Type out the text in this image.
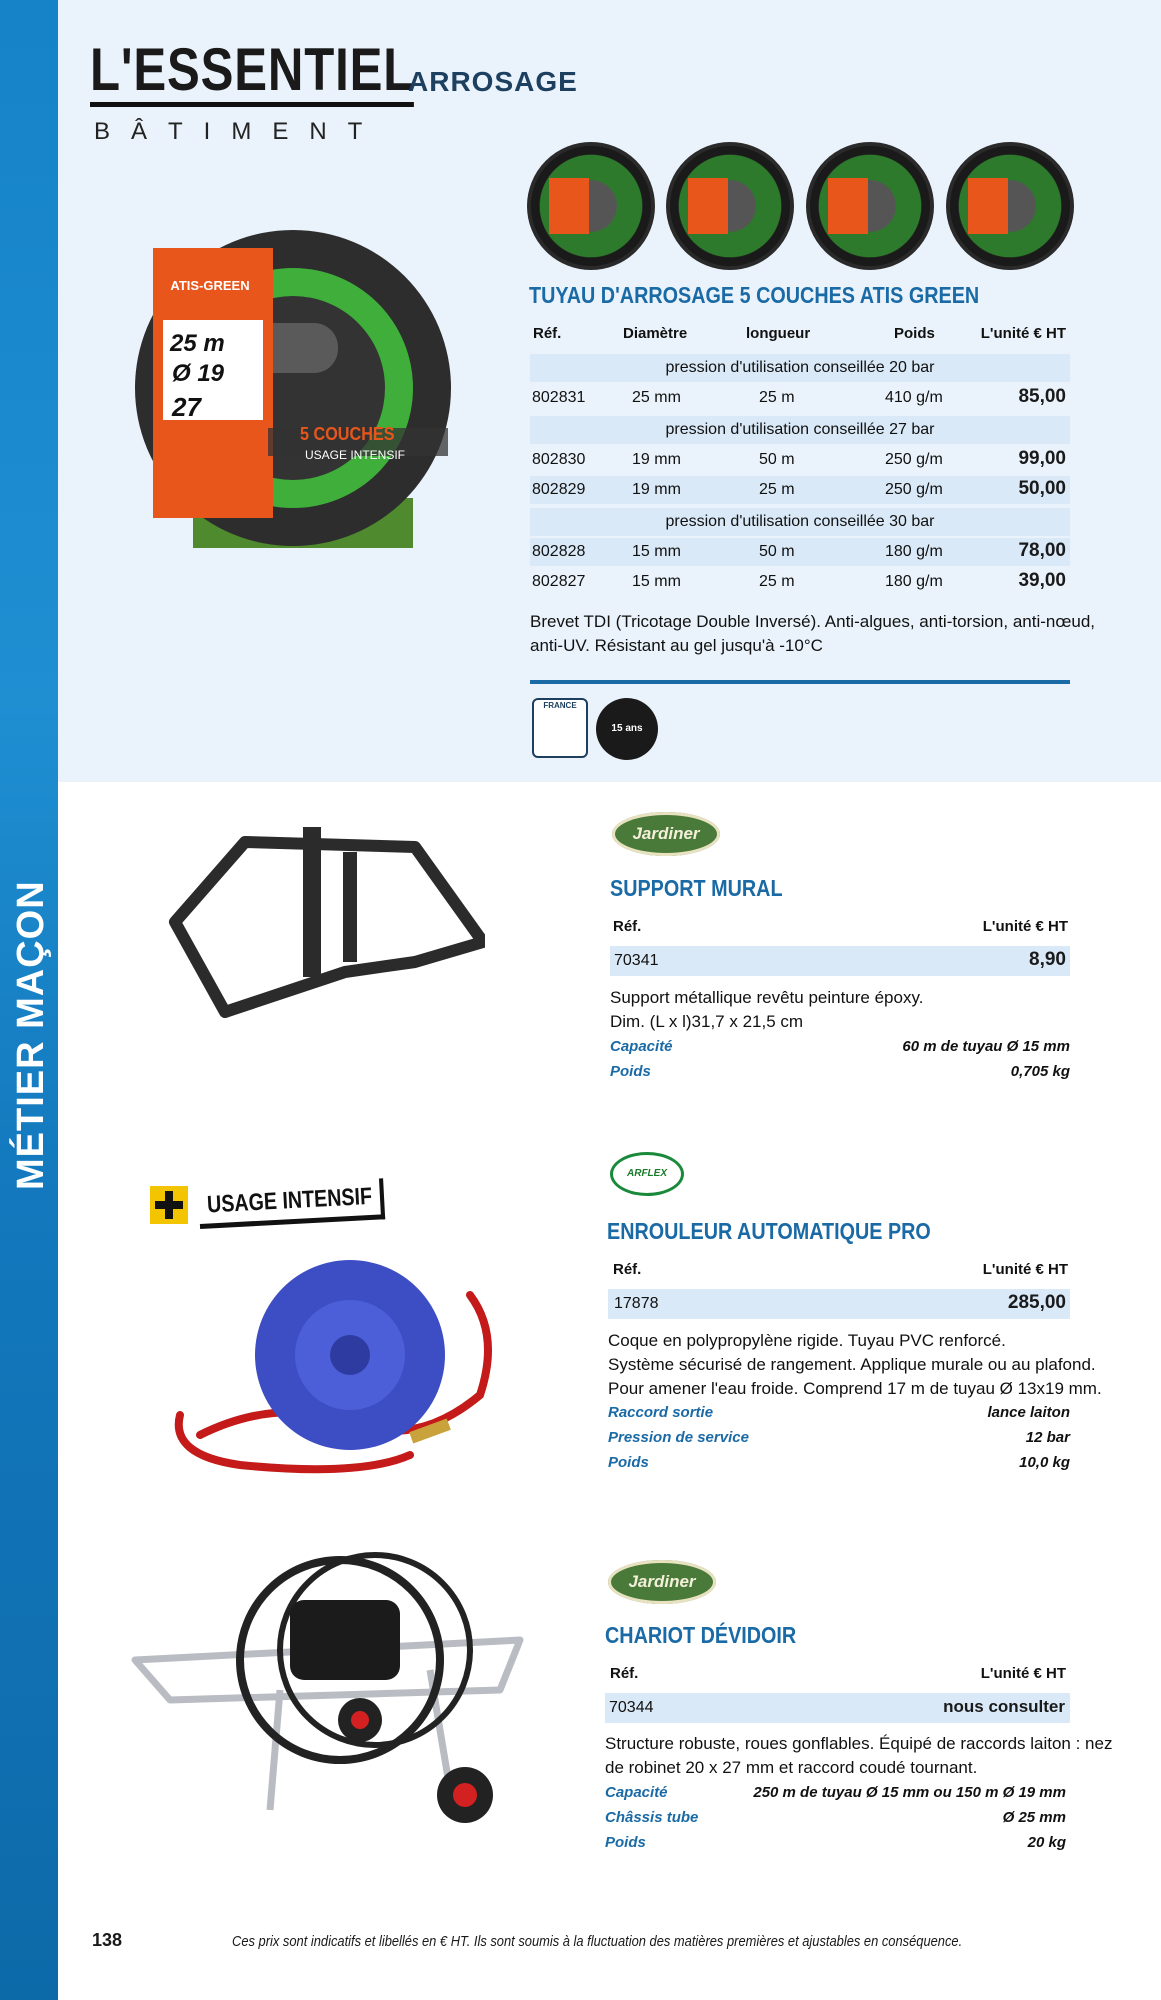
MÉTIER MAÇON
L'ESSENTIEL
BÂTIMENT
ARROSAGE
ATIS-GREEN
25 m
Ø 19
27
5 COUCHES
USAGE INTENSIF
TUYAU D'ARROSAGE 5 COUCHES ATIS GREEN
Réf.	Diamètre	longueur	Poids	L'unité € HT
pression d'utilisation conseillée 20 bar
802831	25 mm	25 m	410 g/m	85,00
pression d'utilisation conseillée 27 bar
802830	19 mm	50 m	250 g/m	99,00
802829	19 mm	25 m	250 g/m	50,00
pression d'utilisation conseillée 30 bar
802828	15 mm	50 m	180 g/m	78,00
802827	15 mm	25 m	180 g/m	39,00
Brevet TDI (Tricotage Double Inversé). Anti-algues, anti-torsion, anti-nœud,
anti-UV. Résistant au gel jusqu'à -10°C
FRANCE
15 ans Garantie
Jardiner
SUPPORT MURAL
Réf.	L'unité € HT
70341	8,90
Support métallique revêtu peinture époxy.
Dim. (L x l)31,7 x 21,5 cm
Capacité	60 m de tuyau Ø 15 mm
Poids	0,705 kg
USAGE INTENSIF
ARFLEX
ENROULEUR AUTOMATIQUE PRO
Réf.	L'unité € HT
17878	285,00
Coque en polypropylène rigide. Tuyau PVC renforcé.
Système sécurisé de rangement. Applique murale ou au plafond.
Pour amener l'eau froide. Comprend 17 m de tuyau Ø 13x19 mm.
Raccord sortie	lance laiton
Pression de service	12 bar
Poids	10,0 kg
Jardiner
CHARIOT DÉVIDOIR
Réf.	L'unité € HT
70344	nous consulter
Structure robuste, roues gonflables. Équipé de raccords laiton : nez
de robinet 20 x 27 mm et raccord coudé tournant.
Capacité	250 m de tuyau Ø 15 mm ou 150 m Ø 19 mm
Châssis tube	Ø 25 mm
Poids	20 kg
138	Ces prix sont indicatifs et libellés en € HT. Ils sont soumis à la fluctuation des matières premières et ajustables en conséquence.
